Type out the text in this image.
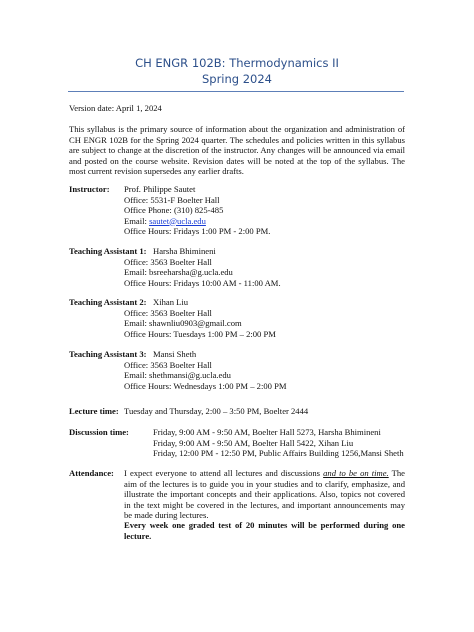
CH ENGR 102B: Thermodynamics II
Spring 2024
Version date: April 1, 2024
This syllabus is the primary source of information about the organization and administration of CH ENGR 102B for the Spring 2024 quarter. The schedules and policies written in this syllabus are subject to change at the discretion of the instructor. Any changes will be announced via email and posted on the course website. Revision dates will be noted at the top of the syllabus. The most current revision supersedes any earlier drafts.
Instructor: Prof. Philippe Sautet
Office: 5531-F Boelter Hall
Office Phone: (310) 825-485
Email: sautet@ucla.edu
Office Hours: Fridays 1:00 PM - 2:00 PM.
Teaching Assistant 1: Harsha Bhimineni
Office: 3563 Boelter Hall
Email: bsreeharsha@g.ucla.edu
Office Hours: Fridays 10:00 AM - 11:00 AM.
Teaching Assistant 2: Xihan Liu
Office: 3563 Boelter Hall
Email: shawnliu0903@gmail.com
Office Hours: Tuesdays 1:00 PM – 2:00 PM
Teaching Assistant 3: Mansi Sheth
Office: 3563 Boelter Hall
Email: shethmansi@g.ucla.edu
Office Hours: Wednesdays 1:00 PM – 2:00 PM
Lecture time: Tuesday and Thursday, 2:00 – 3:50 PM, Boelter 2444
Discussion time:	Friday, 9:00 AM - 9:50 AM, Boelter Hall 5273, Harsha Bhimineni
Friday, 9:00 AM - 9:50 AM, Boelter Hall 5422, Xihan Liu
Friday, 12:00 PM - 12:50 PM, Public Affairs Building 1256,Mansi Sheth
Attendance: I expect everyone to attend all lectures and discussions and to be on time. The aim of the lectures is to guide you in your studies and to clarify, emphasize, and illustrate the important concepts and their applications. Also, topics not covered in the text might be covered in the lectures, and important announcements may be made during lectures.
Every week one graded test of 20 minutes will be performed during one lecture.
